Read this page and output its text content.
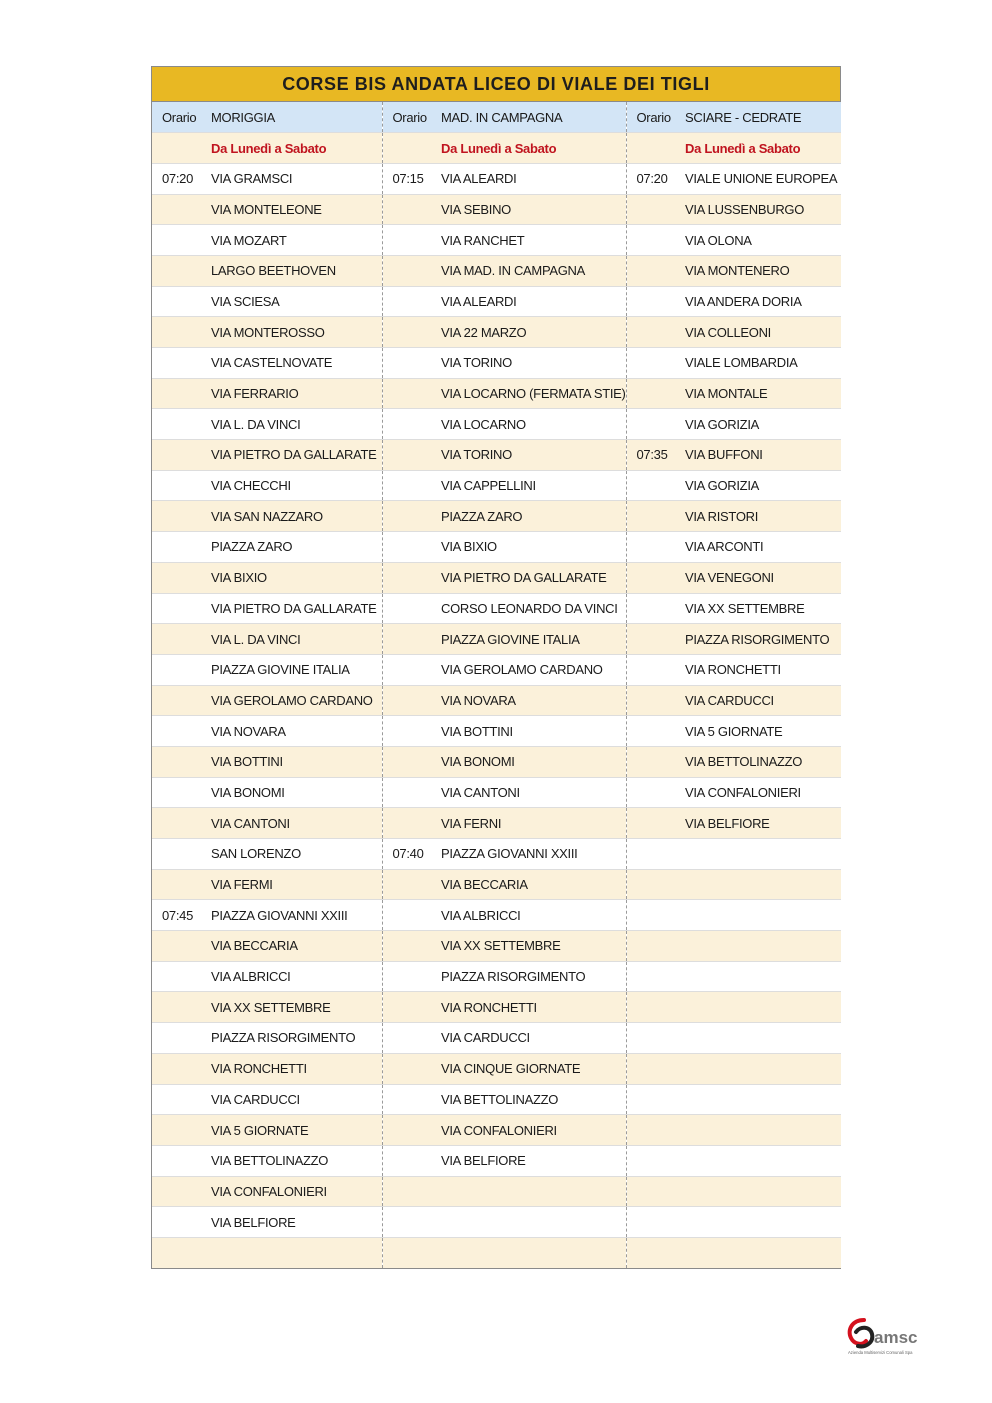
CORSE BIS ANDATA LICEO DI VIALE DEI TIGLI
Orario	MORIGGIA	Orario	MAD. IN CAMPAGNA	Orario	SCIARE - CEDRATE
	Da Lunedì a Sabato		Da Lunedì a Sabato		Da Lunedì a Sabato
07:20	VIA GRAMSCI	07:15	VIA ALEARDI	07:20	VIALE UNIONE EUROPEA
	VIA MONTELEONE		VIA SEBINO		VIA LUSSENBURGO
	VIA MOZART		VIA RANCHET		VIA OLONA
	LARGO BEETHOVEN		VIA MAD. IN CAMPAGNA		VIA MONTENERO
	VIA SCIESA		VIA ALEARDI		VIA ANDERA DORIA
	VIA MONTEROSSO		VIA 22 MARZO		VIA COLLEONI
	VIA CASTELNOVATE		VIA TORINO		VIALE LOMBARDIA
	VIA FERRARIO		VIA LOCARNO (FERMATA STIE)		VIA MONTALE
	VIA L. DA VINCI		VIA LOCARNO		VIA GORIZIA
	VIA PIETRO DA GALLARATE		VIA TORINO	07:35	VIA BUFFONI
	VIA CHECCHI		VIA CAPPELLINI		VIA GORIZIA
	VIA SAN NAZZARO		PIAZZA ZARO		VIA RISTORI
	PIAZZA ZARO		VIA BIXIO		VIA ARCONTI
	VIA BIXIO		VIA PIETRO DA GALLARATE		VIA VENEGONI
	VIA PIETRO DA GALLARATE		CORSO LEONARDO DA VINCI		VIA XX SETTEMBRE
	VIA L. DA VINCI		PIAZZA GIOVINE ITALIA		PIAZZA RISORGIMENTO
	PIAZZA GIOVINE ITALIA		VIA GEROLAMO CARDANO		VIA RONCHETTI
	VIA GEROLAMO CARDANO		VIA NOVARA		VIA CARDUCCI
	VIA NOVARA		VIA BOTTINI		VIA 5 GIORNATE
	VIA BOTTINI		VIA BONOMI		VIA BETTOLINAZZO
	VIA BONOMI		VIA CANTONI		VIA CONFALONIERI
	VIA CANTONI		VIA FERNI		VIA BELFIORE
	SAN LORENZO	07:40	PIAZZA GIOVANNI XXIII		
	VIA FERMI		VIA BECCARIA		
07:45	PIAZZA GIOVANNI XXIII		VIA ALBRICCI		
	VIA BECCARIA		VIA XX SETTEMBRE		
	VIA ALBRICCI		PIAZZA RISORGIMENTO		
	VIA XX SETTEMBRE		VIA RONCHETTI		
	PIAZZA RISORGIMENTO		VIA CARDUCCI		
	VIA RONCHETTI		VIA CINQUE GIORNATE		
	VIA CARDUCCI		VIA BETTOLINAZZO		
	VIA 5 GIORNATE		VIA CONFALONIERI		
	VIA BETTOLINAZZO		VIA BELFIORE		
	VIA CONFALONIERI				
	VIA BELFIORE				

amsc
Azienda Multiservizi Comunali Spa
